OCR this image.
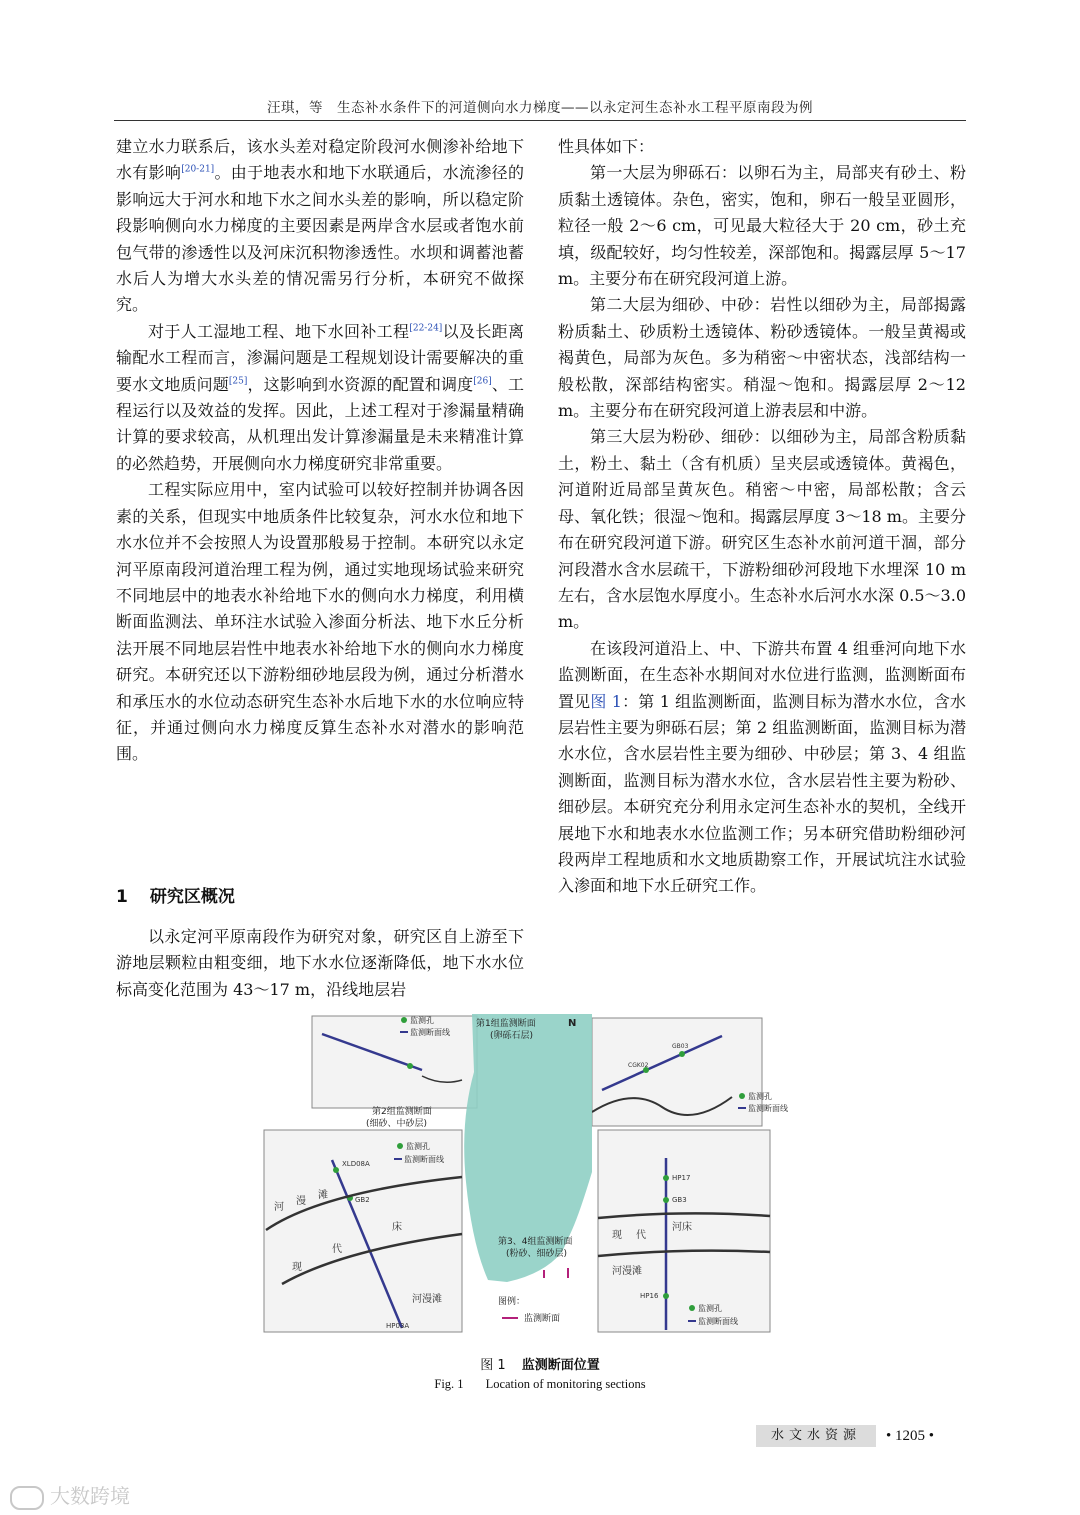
汪琪，等　生态补水条件下的河道侧向水力梯度——以永定河生态补水工程平原南段为例

建立水力联系后，该水头差对稳定阶段河水侧渗补给地下水有影响[20-21]。由于地表水和地下水联通后，水流渗径的影响远大于河水和地下水之间水头差的影响，所以稳定阶段影响侧向水力梯度的主要因素是两岸含水层或者饱水前包气带的渗透性以及河床沉积物渗透性。水坝和调蓄池蓄水后人为增大水头差的情况需另行分析，本研究不做探究。

对于人工湿地工程、地下水回补工程[22-24]以及长距离输配水工程而言，渗漏问题是工程规划设计需要解决的重要水文地质问题[25]，这影响到水资源的配置和调度[26]、工程运行以及效益的发挥。因此，上述工程对于渗漏量精确计算的要求较高，从机理出发计算渗漏量是未来精准计算的必然趋势，开展侧向水力梯度研究非常重要。

工程实际应用中，室内试验可以较好控制并协调各因素的关系，但现实中地质条件比较复杂，河水水位和地下水水位并不会按照人为设置那般易于控制。本研究以永定河平原南段河道治理工程为例，通过实地现场试验来研究不同地层中的地表水补给地下水的侧向水力梯度，利用横断面监测法、单环注水试验入渗面分析法、地下水丘分析法开展不同地层岩性中地表水补给地下水的侧向水力梯度研究。本研究还以下游粉细砂地层段为例，通过分析潜水和承压水的水位动态研究生态补水后地下水的水位响应特征，并通过侧向水力梯度反算生态补水对潜水的影响范围。

1 研究区概况

以永定河平原南段作为研究对象，研究区自上游至下游地层颗粒由粗变细，地下水水位逐渐降低，地下水水位标高变化范围为 43～17 m，沿线地层岩

性具体如下：

第一大层为卵砾石：以卵石为主，局部夹有砂土、粉质黏土透镜体。杂色，密实，饱和，卵石一般呈亚圆形，粒径一般 2～6 cm，可见最大粒径大于 20 cm，砂土充填，级配较好，均匀性较差，深部饱和。揭露层厚 5～17 m。主要分布在研究段河道上游。

第二大层为细砂、中砂：岩性以细砂为主，局部揭露粉质黏土、砂质粉土透镜体、粉砂透镜体。一般呈黄褐或褐黄色，局部为灰色。多为稍密～中密状态，浅部结构一般松散，深部结构密实。稍湿～饱和。揭露层厚 2～12 m。主要分布在研究段河道上游表层和中游。

第三大层为粉砂、细砂：以细砂为主，局部含粉质黏土，粉土、黏土（含有机质）呈夹层或透镜体。黄褐色，河道附近局部呈黄灰色。稍密～中密，局部松散；含云母、氧化铁；很湿～饱和。揭露层厚度 3～18 m。主要分布在研究段河道下游。研究区生态补水前河道干涸，部分河段潜水含水层疏干，下游粉细砂河段地下水埋深 10 m 左右，含水层饱水厚度小。生态补水后河水水深 0.5～3.0 m。

在该段河道沿上、中、下游共布置 4 组垂河向地下水监测断面，在生态补水期间对水位进行监测，监测断面布置见图 1：第 1 组监测断面，监测目标为潜水水位，含水层岩性主要为卵砾石层；第 2 组监测断面，监测目标为潜水水位，含水层岩性主要为细砂、中砂层；第 3、4 组监测断面，监测目标为潜水水位，含水层岩性主要为粉砂、细砂层。本研究充分利用永定河生态补水的契机，全线开展地下水和地表水水位监测工作；另本研究借助粉细砂河段两岸工程地质和水文地质勘察工作，开展试坑注水试验入渗面和地下水丘研究工作。

CGK02
GB03
XLD08A
GB2
HP03A
河
漫
滩
现
代
床
河漫滩
HP17
GB3
HP16
现 代
河床
河漫滩
第1组监测断面
(卵砾石层)
N
第2组监测断面
(细砂、中砂层)
第3、4组监测断面
(粉砂、细砂层)
监测孔
监测断面线
监测孔
监测断面线
监测孔
监测断面线
监测孔
监测断面线
图例：
监测断面
图 1 监测断面位置
Fig. 1 Location of monitoring sections
水文水资源	• 1205 •
大数跨境
